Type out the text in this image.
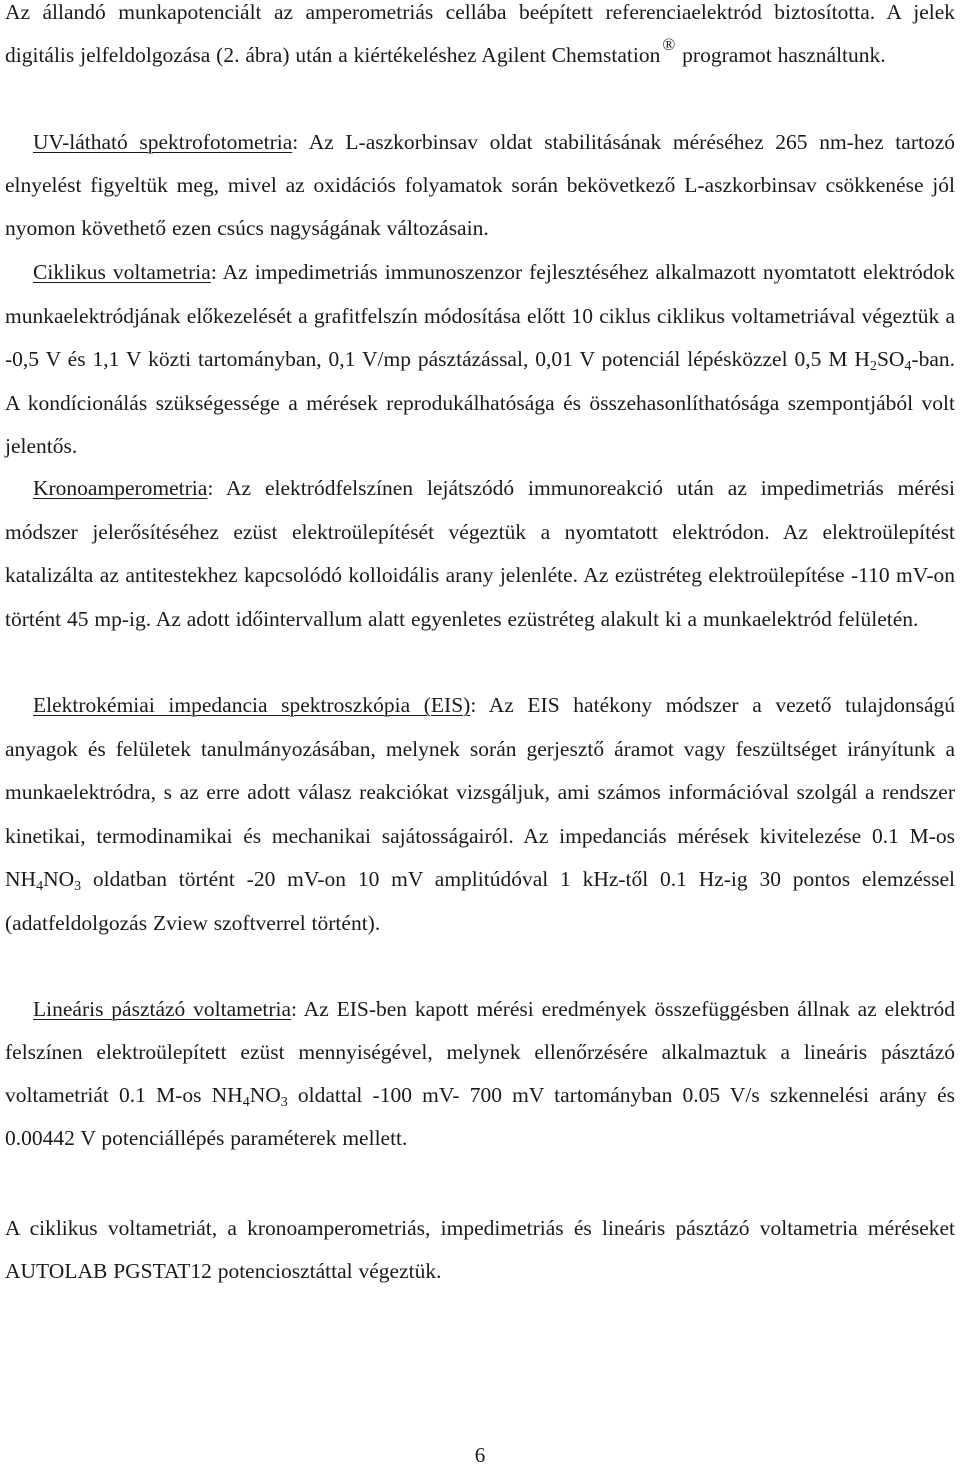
Az állandó munkapotenciált az amperometriás cellába beépített referenciaelektród biztosította. A jelek digitális jelfeldolgozása (2. ábra) után a kiértékeléshez Agilent Chemstation ® programot használtunk.

UV-látható spektrofotometria: Az L-aszkorbinsav oldat stabilitásának méréséhez 265 nm-hez tartozó elnyelést figyeltük meg, mivel az oxidációs folyamatok során bekövetkező L-aszkorbinsav csökkenése jól nyomon követhető ezen csúcs nagyságának változásain.

Ciklikus voltametria: Az impedimetriás immunoszenzor fejlesztéséhez alkalmazott nyomtatott elektródok munkaelektródjának előkezelését a grafitfelszín módosítása előtt 10 ciklus ciklikus voltametriával végeztük a -0,5 V és 1,1 V közti tartományban, 0,1 V/mp pásztázással, 0,01 V potenciál lépésközzel 0,5 M $H_2SO_4$-ban. A kondícionálás szükségessége a mérések reprodukálhatósága és összehasonlíthatósága szempontjából volt jelentős.

Kronoamperometria: Az elektródfelszínen lejátszódó immunoreakció után az impedimetriás mérési módszer jelerősítéséhez ezüst elektroülepítését végeztük a nyomtatott elektródon. Az elektroülepítést katalizálta az antitestekhez kapcsolódó kolloidális arany jelenléte. Az ezüstréteg elektroülepítése -110 mV-on történt 45 mp-ig. Az adott időintervallum alatt egyenletes ezüstréteg alakult ki a munkaelektród felületén.

Elektrokémiai impedancia spektroszkópia (EIS): Az EIS hatékony módszer a vezető tulajdonságú anyagok és felületek tanulmányozásában, melynek során gerjesztő áramot vagy feszültséget irányítunk a munkaelektródra, s az erre adott válasz reakciókat vizsgáljuk, ami számos információval szolgál a rendszer kinetikai, termodinamikai és mechanikai sajátosságairól. Az impedanciás mérések kivitelezése 0.1 M-os $NH_4NO_3$ oldatban történt -20 mV-on 10 mV amplitúdóval 1 kHz-től 0.1 Hz-ig 30 pontos elemzéssel (adatfeldolgozás Zview szoftverrel történt).

Lineáris pásztázó voltametria: Az EIS-ben kapott mérési eredmények összefüggésben állnak az elektród felszínen elektroülepített ezüst mennyiségével, melynek ellenőrzésére alkalmaztuk a lineáris pásztázó voltametriát 0.1 M-os $NH_4NO_3$ oldattal -100 mV- 700 mV tartományban 0.05 V/s szkennelési arány és 0.00442 V potenciállépés paraméterek mellett.

A ciklikus voltametriát, a kronoamperometriás, impedimetriás és lineáris pásztázó voltametria méréseket AUTOLAB PGSTAT12 potenciosztáttal végeztük.

6
